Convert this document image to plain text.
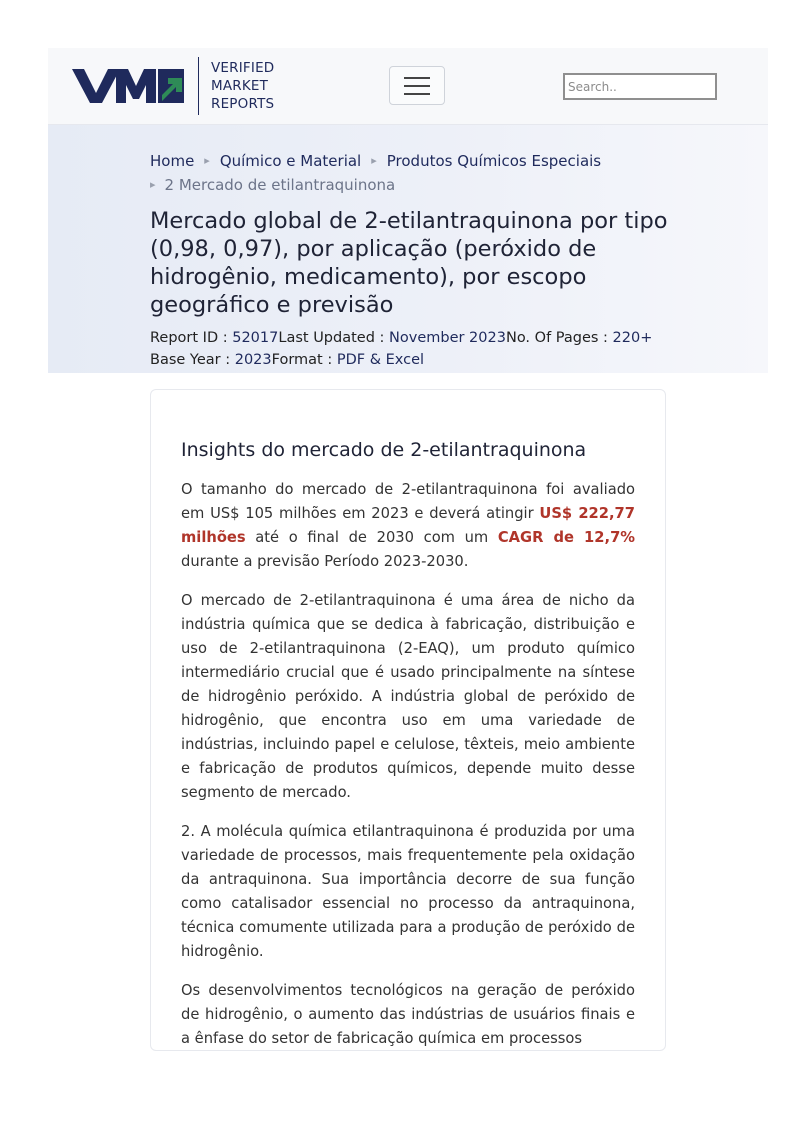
VERIFIED
MARKET
REPORTS
Search..
Home ▸ Químico e Material ▸ Produtos Químicos Especiais
▸ 2 Mercado de etilantraquinona
Mercado global de 2-etilantraquinona por tipo (0,98, 0,97), por aplicação (peróxido de hidrogênio, medicamento), por escopo geográfico e previsão
Report ID : 52017Last Updated : November 2023No. Of Pages : 220+
Base Year : 2023Format : PDF & Excel
Insights do mercado de 2-etilantraquinona

O tamanho do mercado de 2-etilantraquinona foi avaliado em US$ 105 milhões em 2023 e deverá atingir US$ 222,77 milhões até o final de 2030 com um CAGR de 12,7% durante a previsão Período 2023-2030.

O mercado de 2-etilantraquinona é uma área de nicho da indústria química que se dedica à fabricação, distribuição e uso de 2-etilantraquinona (2-EAQ), um produto químico intermediário crucial que é usado principalmente na síntese de hidrogênio peróxido. A indústria global de peróxido de hidrogênio, que encontra uso em uma variedade de indústrias, incluindo papel e celulose, têxteis, meio ambiente e fabricação de produtos químicos, depende muito desse segmento de mercado.

2. A molécula química etilantraquinona é produzida por uma variedade de processos, mais frequentemente pela oxidação da antraquinona. Sua importância decorre de sua função como catalisador essencial no processo da antraquinona, técnica comumente utilizada para a produção de peróxido de hidrogênio.

Os desenvolvimentos tecnológicos na geração de peróxido de hidrogênio, o aumento das indústrias de usuários finais e a ênfase do setor de fabricação química em processos
